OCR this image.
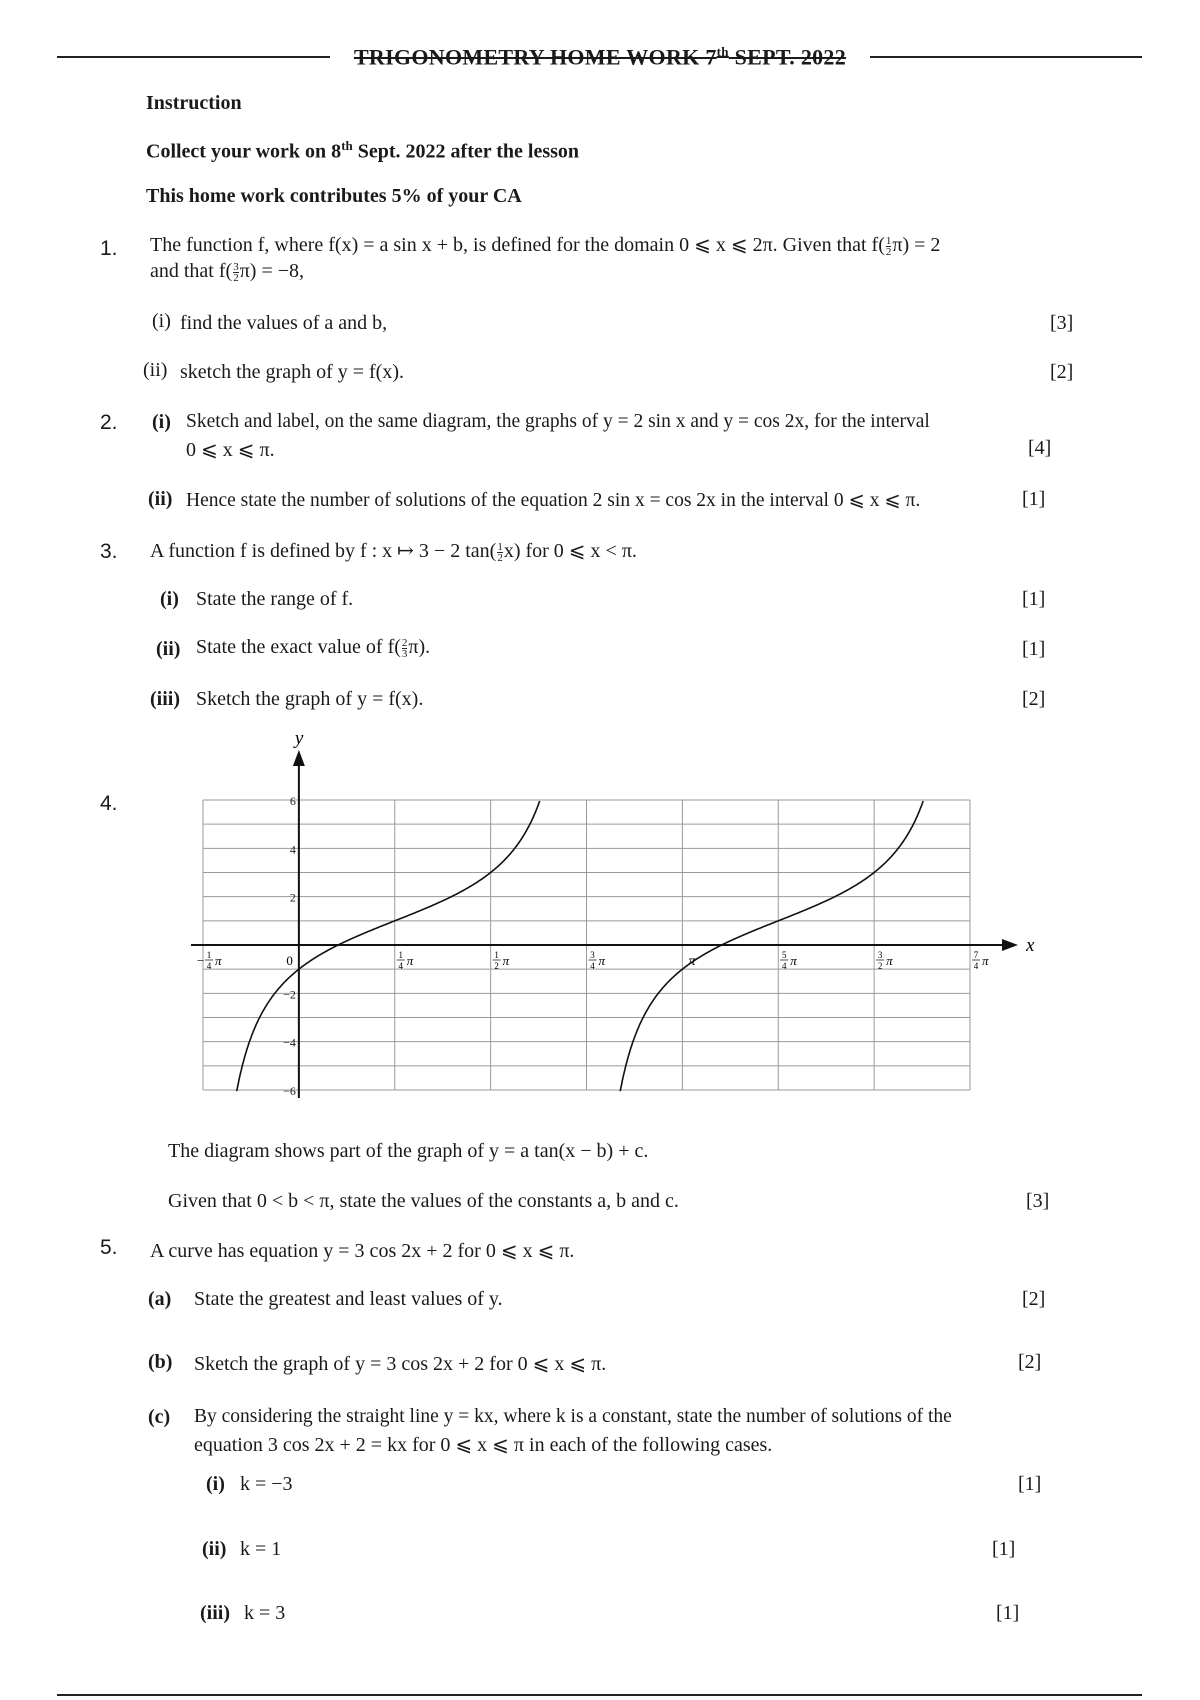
TRIGONOMETRY HOME WORK 7th SEPT. 2022
Instruction
Collect your work on 8th Sept. 2022 after the lesson
This home work contributes 5% of your CA
1. The function f, where f(x) = a sin x + b, is defined for the domain 0 ⩽ x ⩽ 2π. Given that $f( \frac{1}{2} \pi) = 2$
and that $f( \frac{3}{2} \pi) = -8$,
(i) find the values of a and b,	[3]
(ii) sketch the graph of y = f(x).	[2]
2. (i) Sketch and label, on the same diagram, the graphs of y = 2 sin x and y = cos 2x, for the interval
0 ⩽ x ⩽ π.	[4]
(ii) Hence state the number of solutions of the equation 2 sin x = cos 2x in the interval 0 ⩽ x ⩽ π.	[1]
3. A function f is defined by f : x ↦ 3 − 2 $\tan( \frac{1}{2} x)$ for 0 ⩽ x < π.
(i) State the range of f.	[1]
(ii) State the exact value of $f( \frac{2}{3} \pi)$.	[1]
(iii) Sketch the graph of y = f(x).	[2]
4.
x
y
6
4
2
−2
−4
−6
0
− 1
4 π	1
4 π	1
2 π	3
4 π	π	5
4 π	3
2 π	7
4 π
The diagram shows part of the graph of y = a tan(x − b) + c.
Given that 0 < b < π, state the values of the constants a, b and c.	[3]
5. A curve has equation y = 3 cos 2x + 2 for 0 ⩽ x ⩽ π.
(a) State the greatest and least values of y.	[2]
(b) Sketch the graph of y = 3 cos 2x + 2 for 0 ⩽ x ⩽ π.	[2]
(c) By considering the straight line y = kx, where k is a constant, state the number of solutions of the
equation 3 cos 2x + 2 = kx for 0 ⩽ x ⩽ π in each of the following cases.
(i) k = −3	[1]
(ii) k = 1	[1]
(iii) k = 3	[1]
